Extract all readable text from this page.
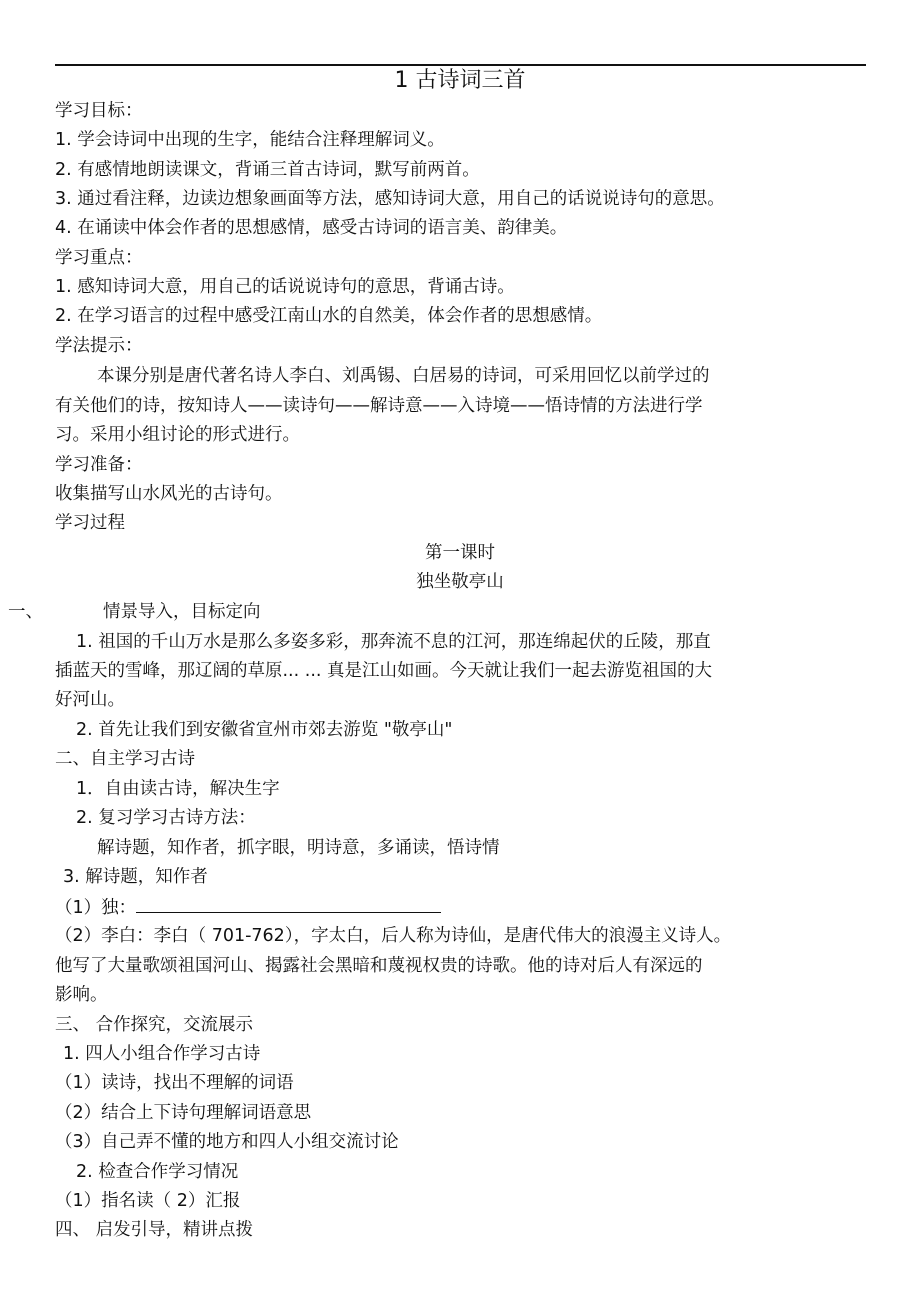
1 古诗词三首
学习目标：
1. 学会诗词中出现的生字，能结合注释理解词义。
2. 有感情地朗读课文，背诵三首古诗词，默写前两首。
3. 通过看注释，边读边想象画面等方法，感知诗词大意，用自己的话说说诗句的意思。
4. 在诵读中体会作者的思想感情，感受古诗词的语言美、韵律美。
学习重点：
1. 感知诗词大意，用自己的话说说诗句的意思，背诵古诗。
2. 在学习语言的过程中感受江南山水的自然美，体会作者的思想感情。
学法提示：
本课分别是唐代著名诗人李白、刘禹锡、白居易的诗词，可采用回忆以前学过的
有关他们的诗，按知诗人——读诗句——解诗意——入诗境——悟诗情的方法进行学
习。采用小组讨论的形式进行。
学习准备：
收集描写山水风光的古诗句。
学习过程
第一课时
独坐敬亭山
一、	情景导入，目标定向
1. 祖国的千山万水是那么多姿多彩，那奔流不息的江河，那连绵起伏的丘陵，那直
插蓝天的雪峰，那辽阔的草原... ... 真是江山如画。今天就让我们一起去游览祖国的大
好河山。
2. 首先让我们到安徽省宣州市郊去游览 "敬亭山"
二、自主学习古诗
1．自由读古诗，解决生字
2. 复习学习古诗方法：
解诗题，知作者，抓字眼，明诗意，多诵读，悟诗情
3. 解诗题，知作者
（1）独：
（2）李白：李白（ 701-762），字太白，后人称为诗仙，是唐代伟大的浪漫主义诗人。
他写了大量歌颂祖国河山、揭露社会黑暗和蔑视权贵的诗歌。他的诗对后人有深远的
影响。
三、 合作探究，交流展示
1. 四人小组合作学习古诗
（1）读诗，找出不理解的词语
（2）结合上下诗句理解词语意思
（3）自己弄不懂的地方和四人小组交流讨论
2. 检查合作学习情况
（1）指名读（ 2）汇报
四、 启发引导，精讲点拨
